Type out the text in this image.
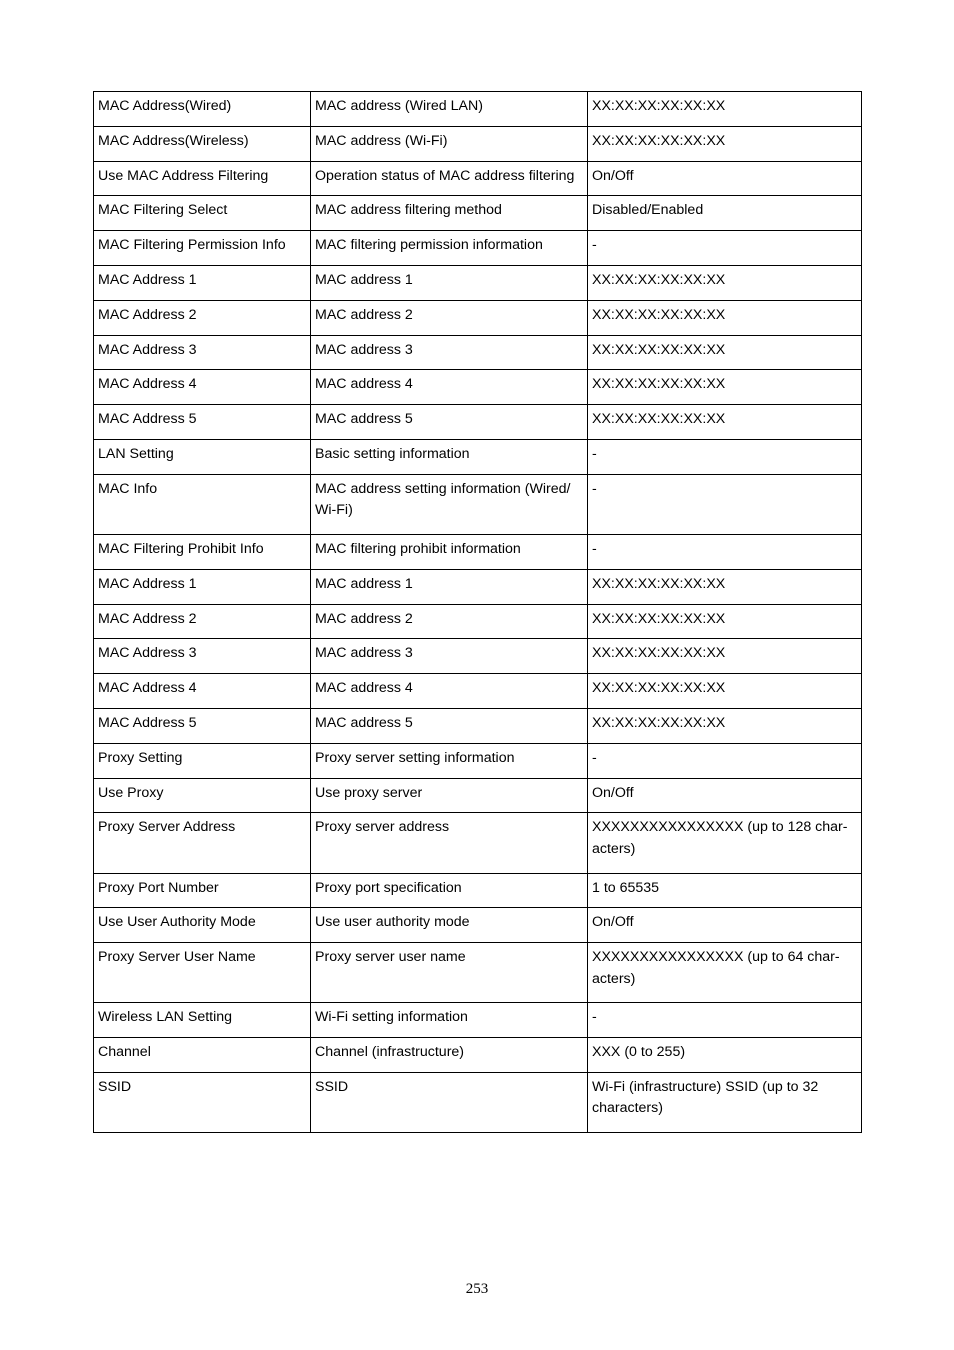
MAC Address(Wired)	MAC address (Wired LAN)	XX:XX:XX:XX:XX:XX
MAC Address(Wireless)	MAC address (Wi-Fi)	XX:XX:XX:XX:XX:XX
Use MAC Address Filtering	Operation status of MAC address filtering	On/Off
MAC Filtering Select	MAC address filtering method	Disabled/Enabled
MAC Filtering Permission Info	MAC filtering permission information	-
MAC Address 1	MAC address 1	XX:XX:XX:XX:XX:XX
MAC Address 2	MAC address 2	XX:XX:XX:XX:XX:XX
MAC Address 3	MAC address 3	XX:XX:XX:XX:XX:XX
MAC Address 4	MAC address 4	XX:XX:XX:XX:XX:XX
MAC Address 5	MAC address 5	XX:XX:XX:XX:XX:XX
LAN Setting	Basic setting information	-
MAC Info	MAC address setting information (Wired/​Wi-Fi)	-
MAC Filtering Prohibit Info	MAC filtering prohibit information	-
MAC Address 1	MAC address 1	XX:XX:XX:XX:XX:XX
MAC Address 2	MAC address 2	XX:XX:XX:XX:XX:XX
MAC Address 3	MAC address 3	XX:XX:XX:XX:XX:XX
MAC Address 4	MAC address 4	XX:XX:XX:XX:XX:XX
MAC Address 5	MAC address 5	XX:XX:XX:XX:XX:XX
Proxy Setting	Proxy server setting information	-
Use Proxy	Use proxy server	On/Off
Proxy Server Address	Proxy server address	XXXXXXXXXXXXXXXX (up to 128 char-​acters)
Proxy Port Number	Proxy port specification	1 to 65535
Use User Authority Mode	Use user authority mode	On/Off
Proxy Server User Name	Proxy server user name	XXXXXXXXXXXXXXXX (up to 64 char-​acters)
Wireless LAN Setting	Wi-Fi setting information	-
Channel	Channel (infrastructure)	XXX (0 to 255)
SSID	SSID	Wi-Fi (infrastructure) SSID (up to 32 characters)
253
